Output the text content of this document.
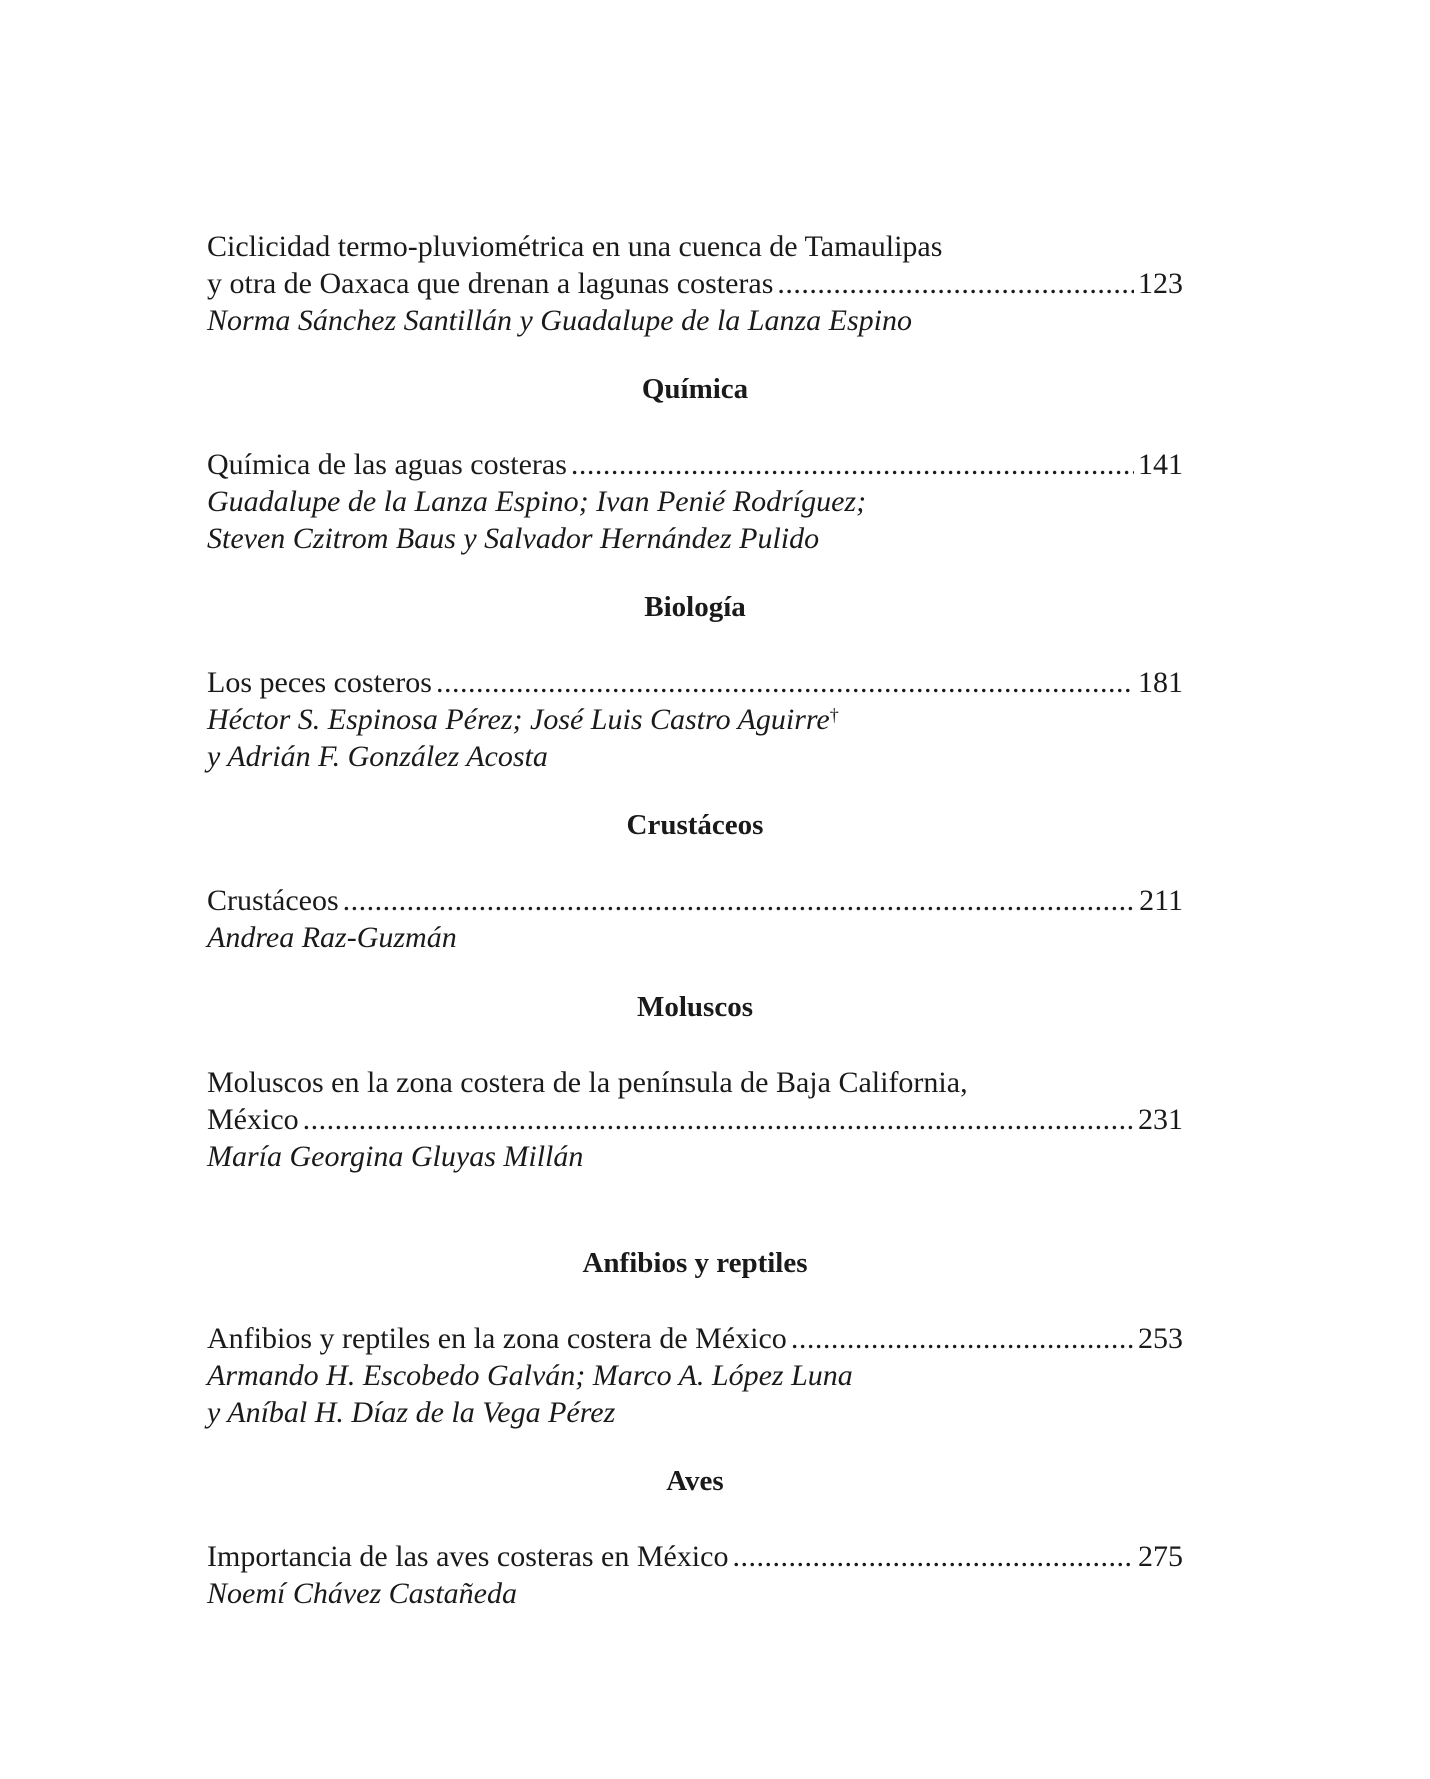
Ciclicidad termo-pluviométrica en una cuenca de Tamaulipas
y otra de Oaxaca que drenan a lagunas costeras .....	123
Norma Sánchez Santillán y Guadalupe de la Lanza Espino
Química
Química de las aguas costeras .....	141
Guadalupe de la Lanza Espino; Ivan Penié Rodríguez;
Steven Czitrom Baus y Salvador Hernández Pulido
Biología
Los peces costeros .....	181
Héctor S. Espinosa Pérez; José Luis Castro Aguirre†
y Adrián F. González Acosta
Crustáceos
Crustáceos .....	211
Andrea Raz-Guzmán
Moluscos
Moluscos en la zona costera de la península de Baja California,
México .....	231
María Georgina Gluyas Millán
Anfibios y reptiles
Anfibios y reptiles en la zona costera de México .....	253
Armando H. Escobedo Galván; Marco A. López Luna
y Aníbal H. Díaz de la Vega Pérez
Aves
Importancia de las aves costeras en México .....	275
Noemí Chávez Castañeda
